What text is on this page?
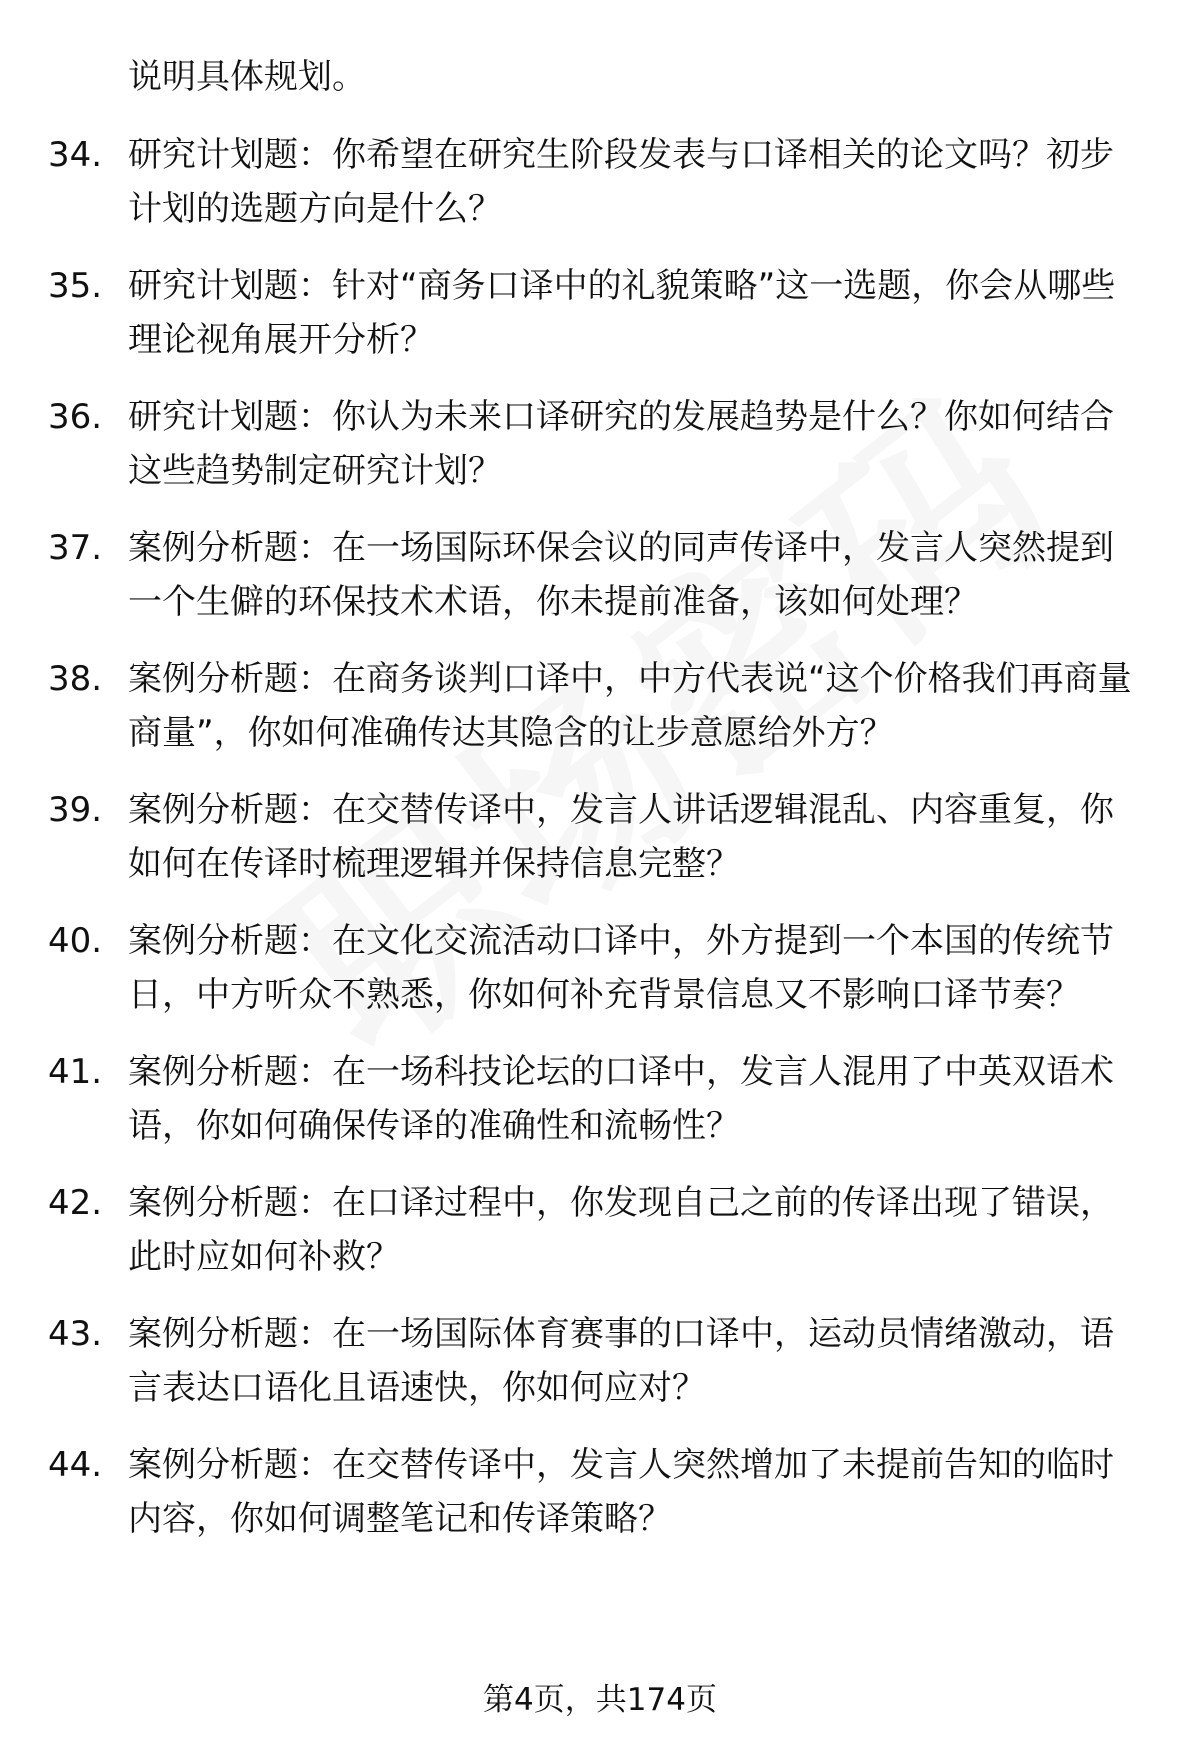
说明具体规划。
34. 研究计划题：你希望在研究生阶段发表与口译相关的论文吗？初步计划的选题方向是什么？
35. 研究计划题：针对“商务口译中的礼貌策略”这一选题，你会从哪些理论视角展开分析？
36. 研究计划题：你认为未来口译研究的发展趋势是什么？你如何结合这些趋势制定研究计划？
37. 案例分析题：在一场国际环保会议的同声传译中，发言人突然提到一个生僻的环保技术术语，你未提前准备，该如何处理？
38. 案例分析题：在商务谈判口译中，中方代表说“这个价格我们再商量商量”，你如何准确传达其隐含的让步意愿给外方？
39. 案例分析题：在交替传译中，发言人讲话逻辑混乱、内容重复，你如何在传译时梳理逻辑并保持信息完整？
40. 案例分析题：在文化交流活动口译中，外方提到一个本国的传统节日，中方听众不熟悉，你如何补充背景信息又不影响口译节奏？
41. 案例分析题：在一场科技论坛的口译中，发言人混用了中英双语术语，你如何确保传译的准确性和流畅性？
42. 案例分析题：在口译过程中，你发现自己之前的传译出现了错误，此时应如何补救？
43. 案例分析题：在一场国际体育赛事的口译中，运动员情绪激动，语言表达口语化且语速快，你如何应对？
44. 案例分析题：在交替传译中，发言人突然增加了未提前告知的临时内容，你如何调整笔记和传译策略？
第4页，共174页
